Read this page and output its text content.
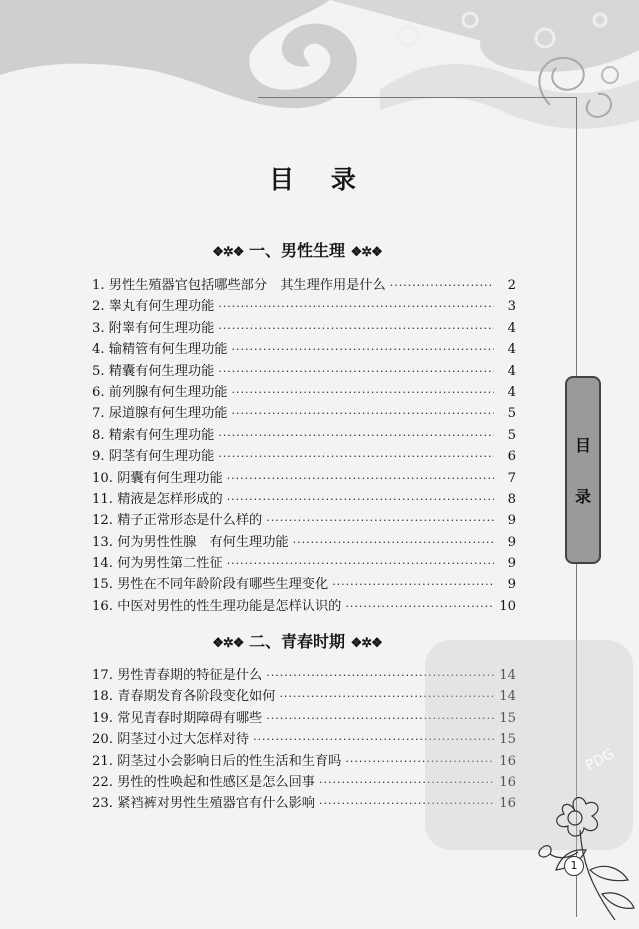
目 录
❖✲❖ 一、男性生理 ❖✲❖
1. 男性生殖器官包括哪些部分　其生理作用是什么 ·····	2
2. 睾丸有何生理功能 ·····	3
3. 附睾有何生理功能 ·····	4
4. 输精管有何生理功能 ·····	4
5. 精囊有何生理功能 ·····	4
6. 前列腺有何生理功能 ·····	4
7. 尿道腺有何生理功能 ·····	5
8. 精索有何生理功能 ·····	5
9. 阴茎有何生理功能 ·····	6
10. 阴囊有何生理功能 ·····	7
11. 精液是怎样形成的 ·····	8
12. 精子正常形态是什么样的 ·····	9
13. 何为男性性腺　有何生理功能 ·····	9
14. 何为男性第二性征 ·····	9
15. 男性在不同年龄阶段有哪些生理变化 ·····	9
16. 中医对男性的性生理功能是怎样认识的 ·····	10
❖✲❖ 二、青春时期 ❖✲❖
17. 男性青春期的特征是什么 ·····	14
18. 青春期发育各阶段变化如何 ·····	14
19. 常见青春时期障碍有哪些 ·····	15
20. 阴茎过小过大怎样对待 ·····	15
21. 阴茎过小会影响日后的性生活和生育吗 ·····	16
22. 男性的性唤起和性感区是怎么回事 ·····	16
23. 紧裆裤对男性生殖器官有什么影响 ·····	16
目
录
PDG
1
